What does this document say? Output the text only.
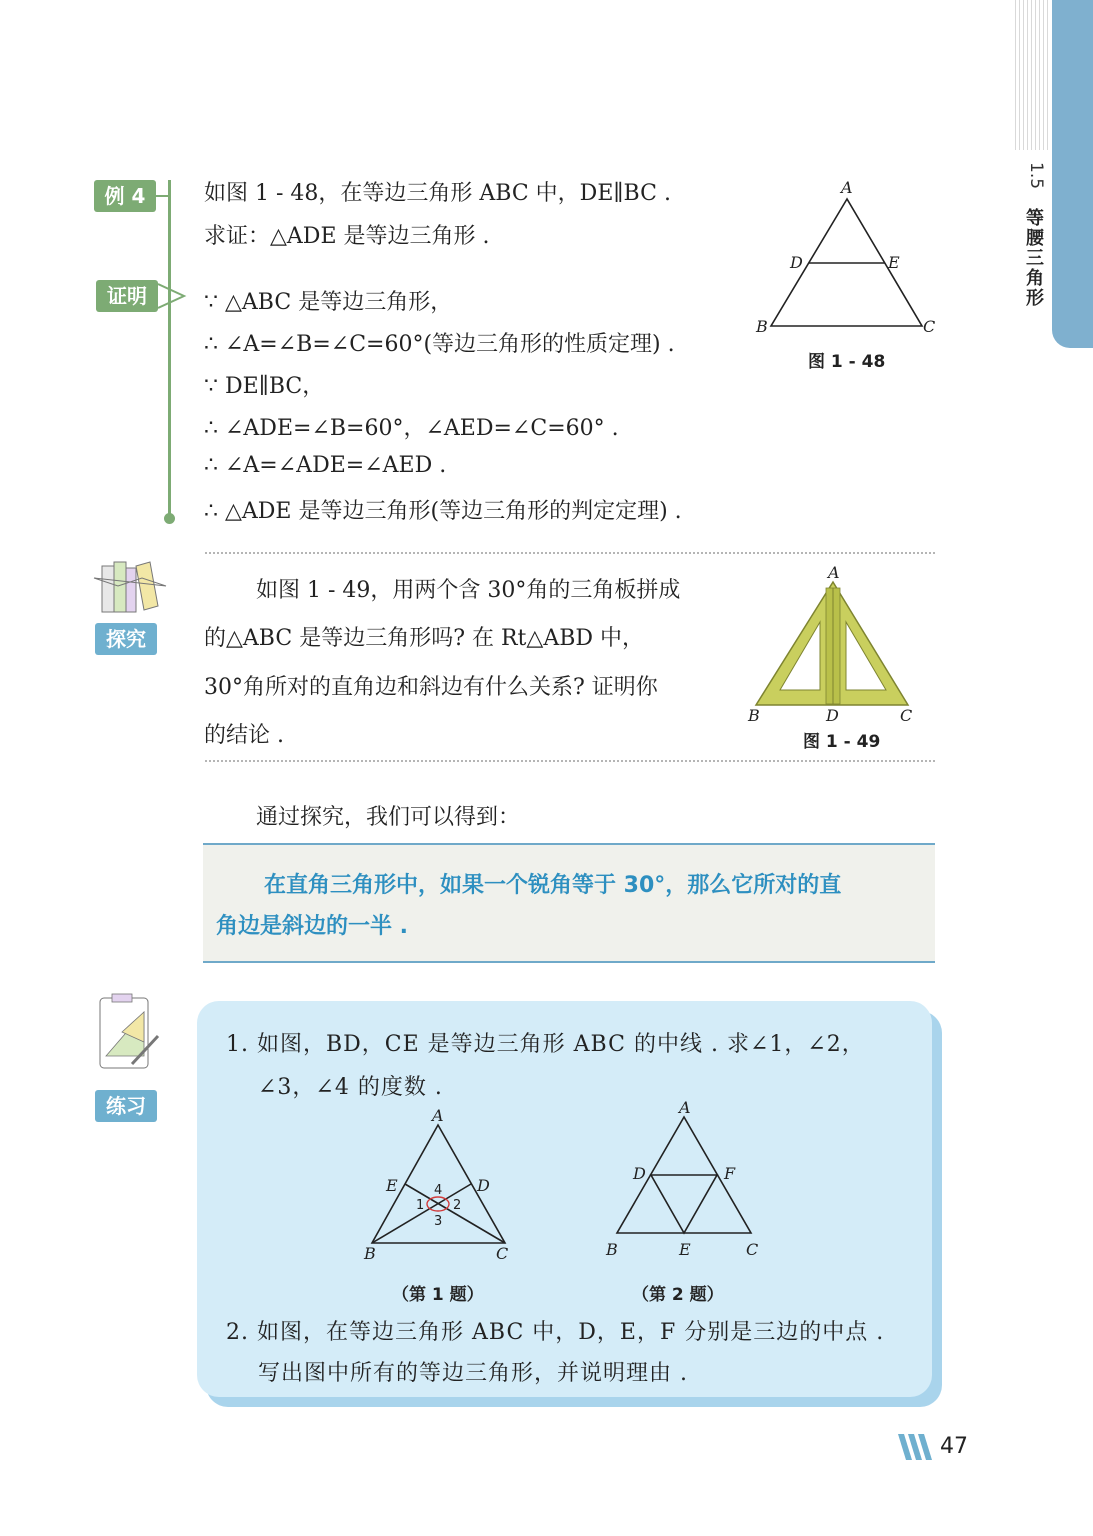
1.5
等腰三角形
例 4	如图 1 - 48，在等边三角形 ABC 中，DE∥BC .
求证：△ADE 是等边三角形 .
证明	∵ △ABC 是等边三角形，
∴ ∠A=∠B=∠C=60°(等边三角形的性质定理) .
∵ DE∥BC，
∴ ∠ADE=∠B=60°，∠AED=∠C=60° .
∴ ∠A=∠ADE=∠AED .
∴ △ADE 是等边三角形(等边三角形的判定定理) .
A
B	C
D	E
图 1 - 48
探究
如图 1 - 49，用两个含 30°角的三角板拼成
的△ABC 是等边三角形吗? 在 Rt△ABD 中，
30°角所对的直角边和斜边有什么关系? 证明你
的结论 .
A
B	D	C
图 1 - 49
通过探究，我们可以得到：
在直角三角形中，如果一个锐角等于 30°，那么它所对的直
角边是斜边的一半 .
练习
1. 如图，BD，CE 是等边三角形 ABC 的中线 . 求∠1，∠2，
∠3，∠4 的度数 .
A
B	C
E	D
4
1 2
3
（第 1 题）
A
B	E	C
D	F
（第 2 题）
2. 如图，在等边三角形 ABC 中，D，E，F 分别是三边的中点 .
写出图中所有的等边三角形，并说明理由 .
47
